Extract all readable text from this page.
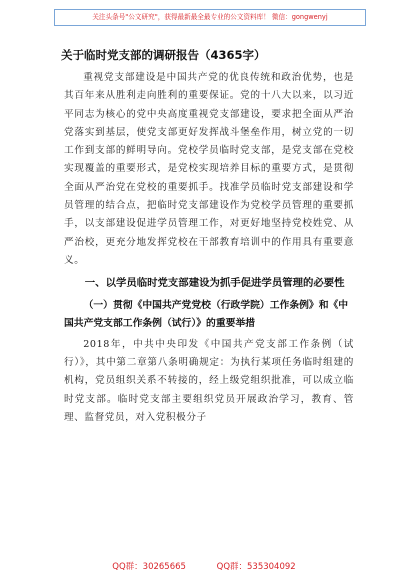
关注头条号"公文研究"，获得最新最全最专业的公文资料库！ 微信：gongwenyj
关于临时党支部的调研报告（4365字）

重视党支部建设是中国共产党的优良传统和政治优势，也是其百年来从胜利走向胜利的重要保证。党的十八大以来，以习近平同志为核心的党中央高度重视党支部建设，要求把全面从严治党落实到基层，使党支部更好发挥战斗堡垒作用，树立党的一切工作到支部的鲜明导向。党校学员临时党支部，是党支部在党校实现覆盖的重要形式，是党校实现培养目标的重要方式，是贯彻全面从严治党在党校的重要抓手。找准学员临时党支部建设和学员管理的结合点，把临时党支部建设作为党校学员管理的重要抓手，以支部建设促进学员管理工作，对更好地坚持党校姓党、从严治校，更充分地发挥党校在干部教育培训中的作用具有重要意义。

一、以学员临时党支部建设为抓手促进学员管理的必要性
（一）贯彻《中国共产党党校（行政学院）工作条例》和《中国共产党支部工作条例（试行）》的重要举措

2018年，中共中央印发《中国共产党支部工作条例（试行）》，其中第二章第八条明确规定：为执行某项任务临时组建的机构，党员组织关系不转接的，经上级党组织批准，可以成立临时党支部。临时党支部主要组织党员开展政治学习，教育、管理、监督党员，对入党积极分子

QQ群：30265665	QQ群：535304092
